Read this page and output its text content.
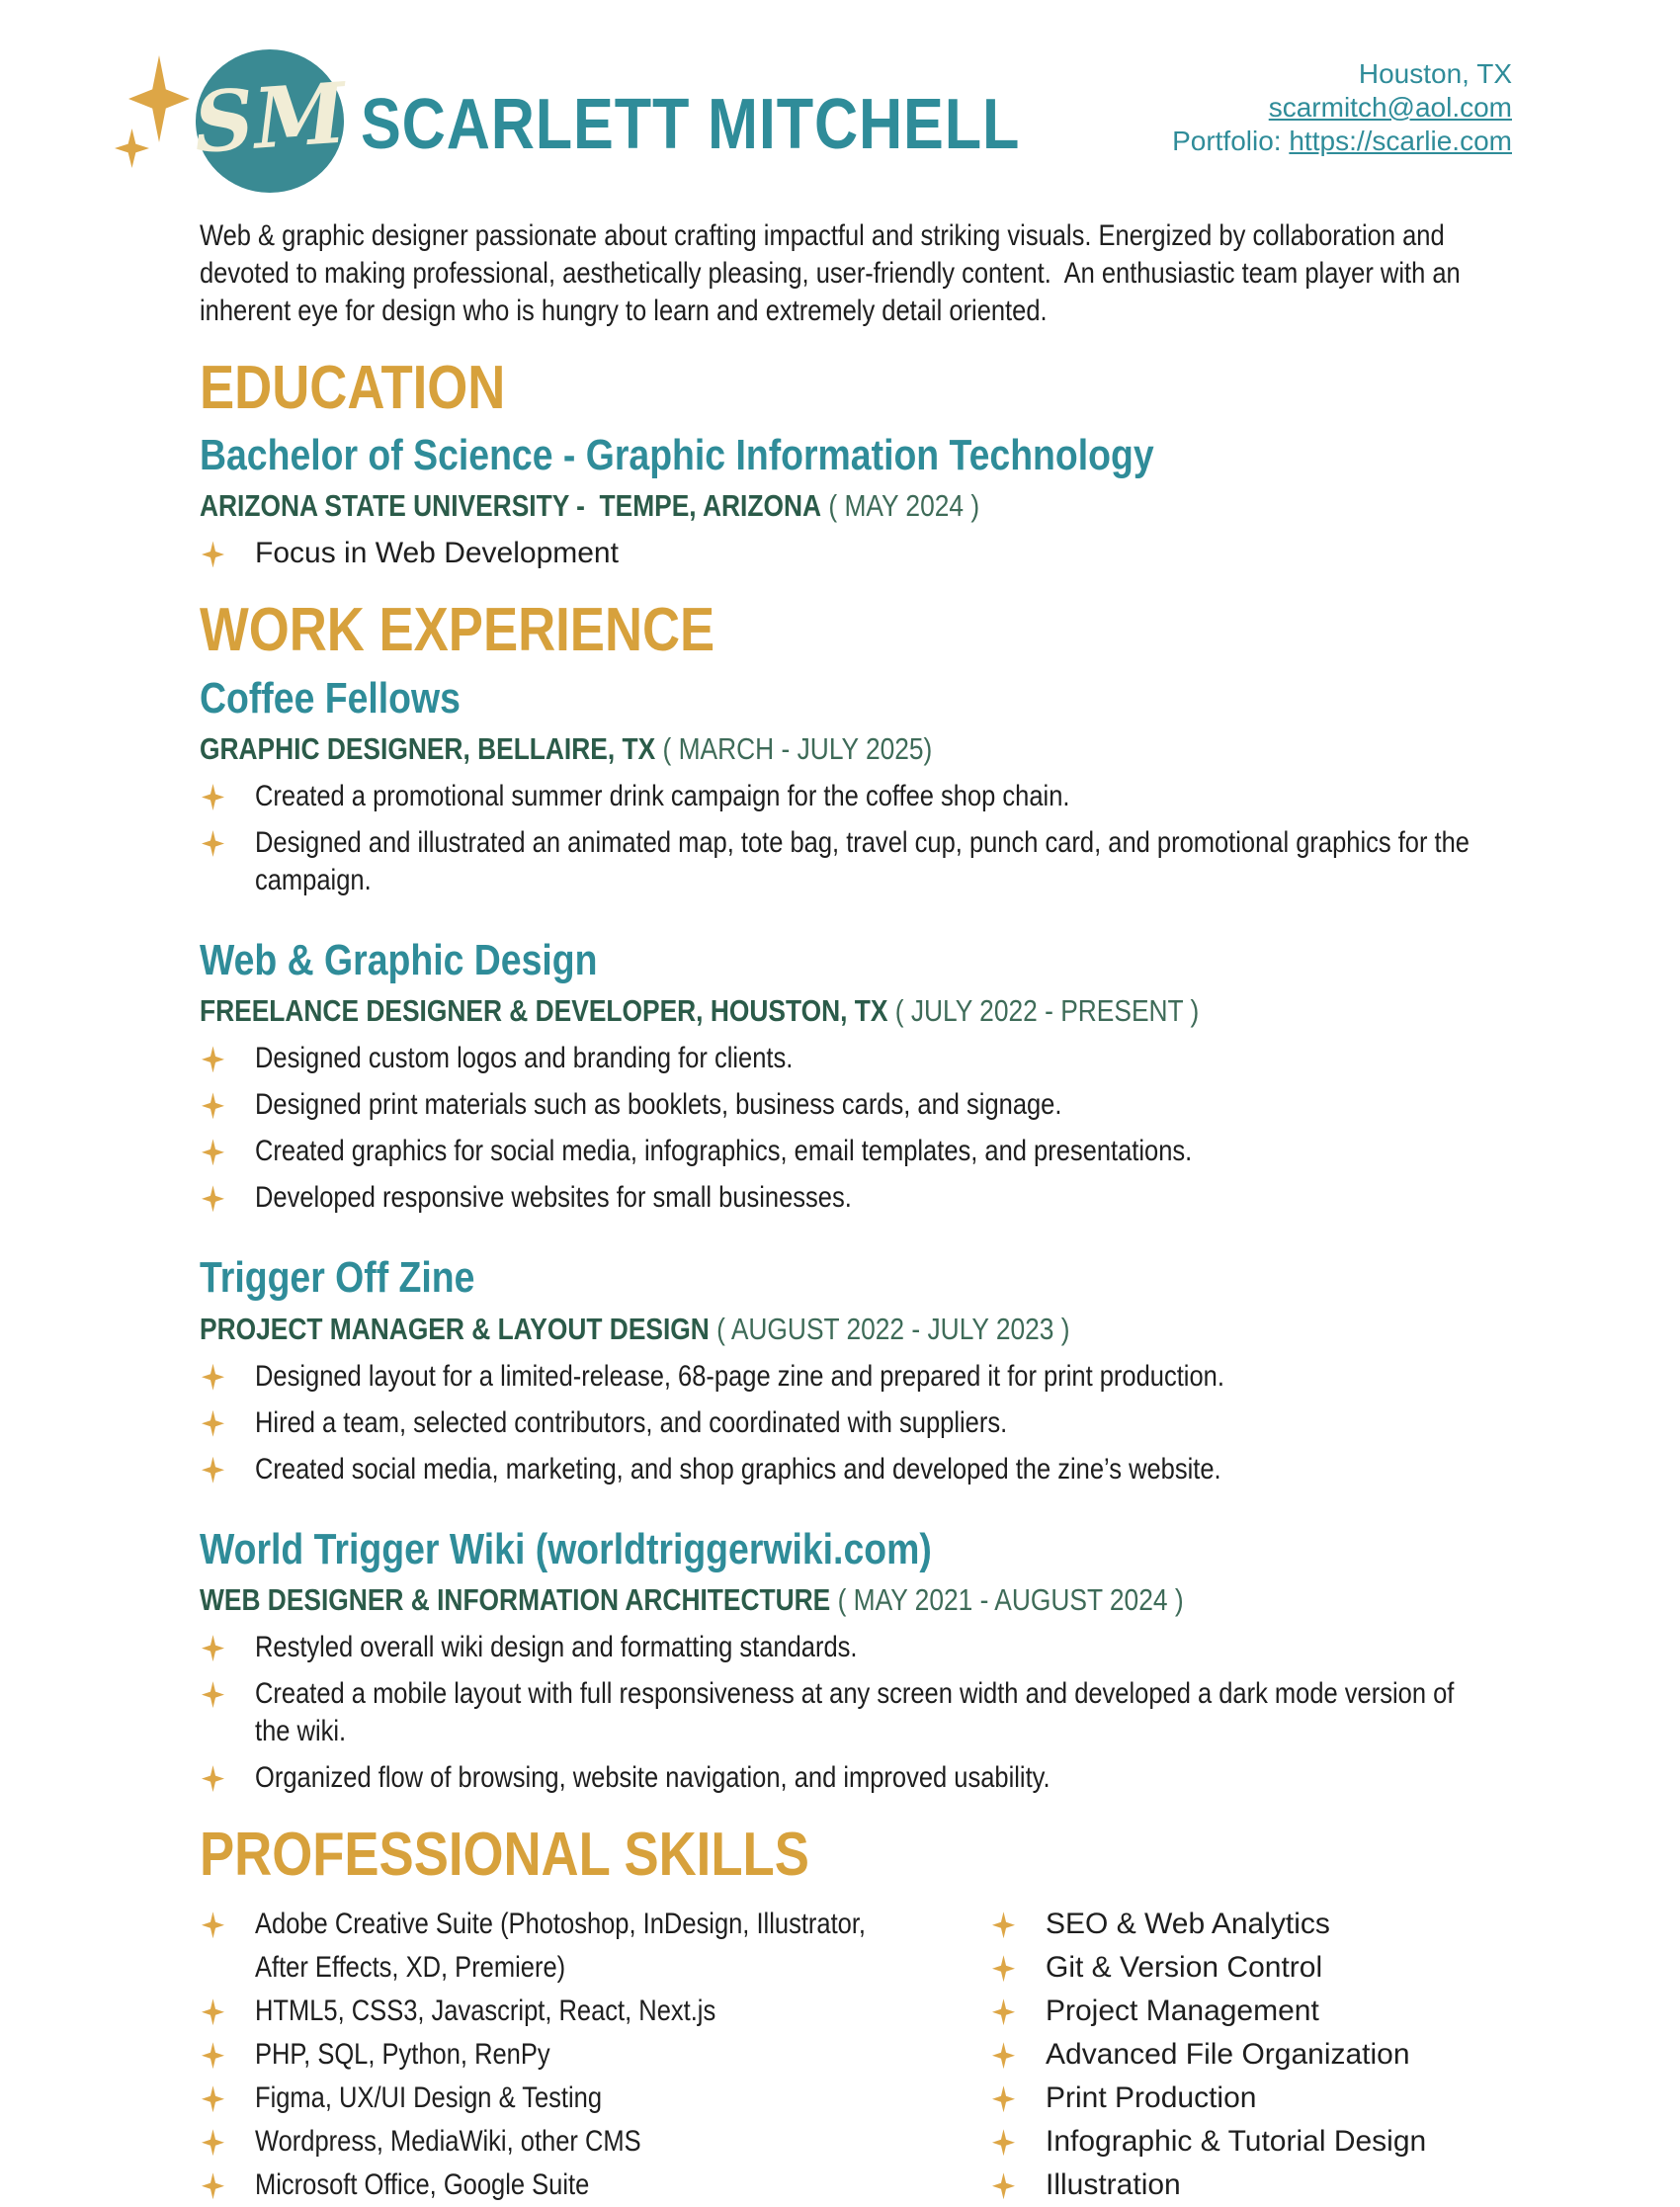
SM SCARLETT MITCHELL
Houston, TX
scarmitch@aol.com
Portfolio: https://scarlie.com
Web & graphic designer passionate about crafting impactful and striking visuals. Energized by collaboration and devoted to making professional, aesthetically pleasing, user-friendly content.  An enthusiastic team player with an inherent eye for design who is hungry to learn and extremely detail oriented.
EDUCATION
Bachelor of Science - Graphic Information Technology
ARIZONA STATE UNIVERSITY -  TEMPE, ARIZONA ( MAY 2024 )
Focus in Web Development
WORK EXPERIENCE
Coffee Fellows
GRAPHIC DESIGNER, BELLAIRE, TX ( MARCH - JULY 2025)
Created a promotional summer drink campaign for the coffee shop chain.
Designed and illustrated an animated map, tote bag, travel cup, punch card, and promotional graphics for the campaign.
Web & Graphic Design
FREELANCE DESIGNER & DEVELOPER, HOUSTON, TX ( JULY 2022 - PRESENT )
Designed custom logos and branding for clients.
Designed print materials such as booklets, business cards, and signage.
Created graphics for social media, infographics, email templates, and presentations.
Developed responsive websites for small businesses.
Trigger Off Zine
PROJECT MANAGER & LAYOUT DESIGN ( AUGUST 2022 - JULY 2023 )
Designed layout for a limited-release, 68-page zine and prepared it for print production.
Hired a team, selected contributors, and coordinated with suppliers.
Created social media, marketing, and shop graphics and developed the zine’s website.
World Trigger Wiki (worldtriggerwiki.com)
WEB DESIGNER & INFORMATION ARCHITECTURE ( MAY 2021 - AUGUST 2024 )
Restyled overall wiki design and formatting standards.
Created a mobile layout with full responsiveness at any screen width and developed a dark mode version of the wiki.
Organized flow of browsing, website navigation, and improved usability.
PROFESSIONAL SKILLS
Adobe Creative Suite (Photoshop, InDesign, Illustrator, After Effects, XD, Premiere)
HTML5, CSS3, Javascript, React, Next.js
PHP, SQL, Python, RenPy
Figma, UX/UI Design & Testing
Wordpress, MediaWiki, other CMS
Microsoft Office, Google Suite
SEO & Web Analytics
Git & Version Control
Project Management
Advanced File Organization
Print Production
Infographic & Tutorial Design
Illustration
